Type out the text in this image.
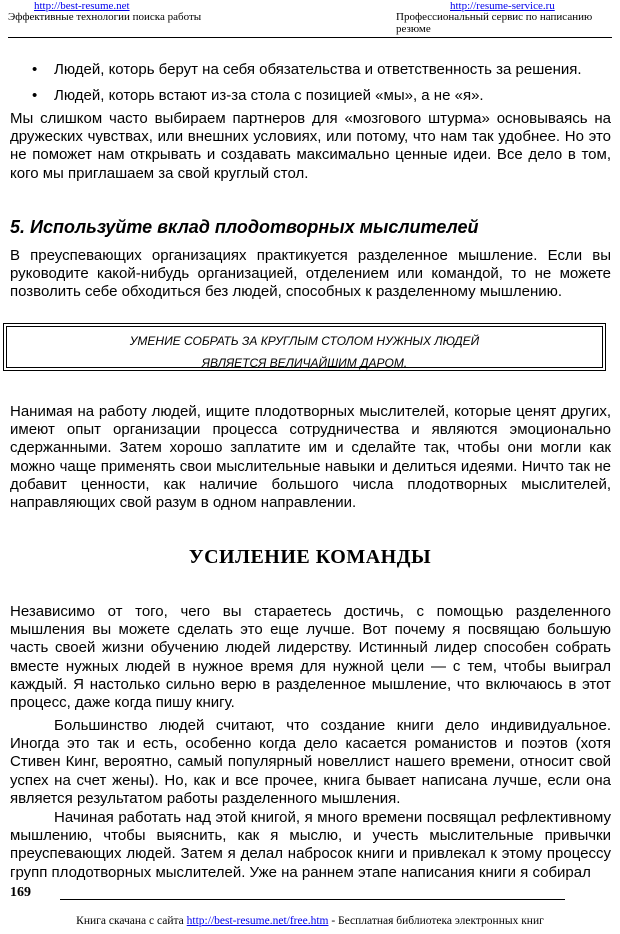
http://best-resume.net
Эффективные технологии поиска работы
http://resume-service.ru
Профессиональный сервис по написанию резюме
• Людей, которь берут на себя обязательства и ответственность за решения.
• Людей, которь встают из-за стола с позицией «мы», а не «я».

Мы слишком часто выбираем партнеров для «мозгового штурма» основываясь на дружеских чувствах, или внешних условиях, или потому, что нам так удобнее. Но это не поможет нам открывать и создавать максимально ценные идеи. Все дело в том, кого мы приглашаем за свой круглый стол.

5. Используйте вклад плодотворных мыслителей

В преуспевающих организациях практикуется разделенное мышление. Если вы руководите какой-нибудь организацией, отделением или командой, то не можете позволить себе обходиться без людей, способных к разделенному мышлению.

УМЕНИЕ СОБРАТЬ ЗА КРУГЛЫМ СТОЛОМ НУЖНЫХ ЛЮДЕЙ
ЯВЛЯЕТСЯ ВЕЛИЧАЙШИМ ДАРОМ.

Нанимая на работу людей, ищите плодотворных мыслителей, которые ценят других, имеют опыт организации процесса сотрудничества и являются эмоционально сдержанными. Затем хорошо заплатите им и сделайте так, чтобы они могли как можно чаще применять свои мыслительные навыки и делиться идеями. Ничто так не добавит ценности, как наличие большого числа плодотворных мыслителей, направляющих свой разум в одном направлении.

УСИЛЕНИЕ КОМАНДЫ

Независимо от того, чего вы стараетесь достичь, с помощью разделенного мышления вы можете сделать это еще лучше. Вот почему я посвящаю большую часть своей жизни обучению людей лидерству. Истинный лидер способен собрать вместе нужных людей в нужное время для нужной цели — с тем, чтобы выиграл каждый. Я настолько сильно верю в разделенное мышление, что включаюсь в этот процесс, даже когда пишу книгу.

Большинство людей считают, что создание книги дело индивидуальное. Иногда это так и есть, особенно когда дело касается романистов и поэтов (хотя Стивен Кинг, вероятно, самый популярный новеллист нашего времени, относит свой успех на счет жены). Но, как и все прочее, книга бывает написана лучше, если она является результатом работы разделенного мышления.

Начиная работать над этой книгой, я много времени посвящал рефлективному мышлению, чтобы выяснить, как я мыслю, и учесть мыслительные привычки преуспевающих людей. Затем я делал набросок книги и привлекал к этому процессу групп плодотворных мыслителей. Уже на раннем этапе написания книги я собирал

169
Книга скачана с сайта http://best-resume.net/free.htm - Бесплатная библиотека электронных книг
